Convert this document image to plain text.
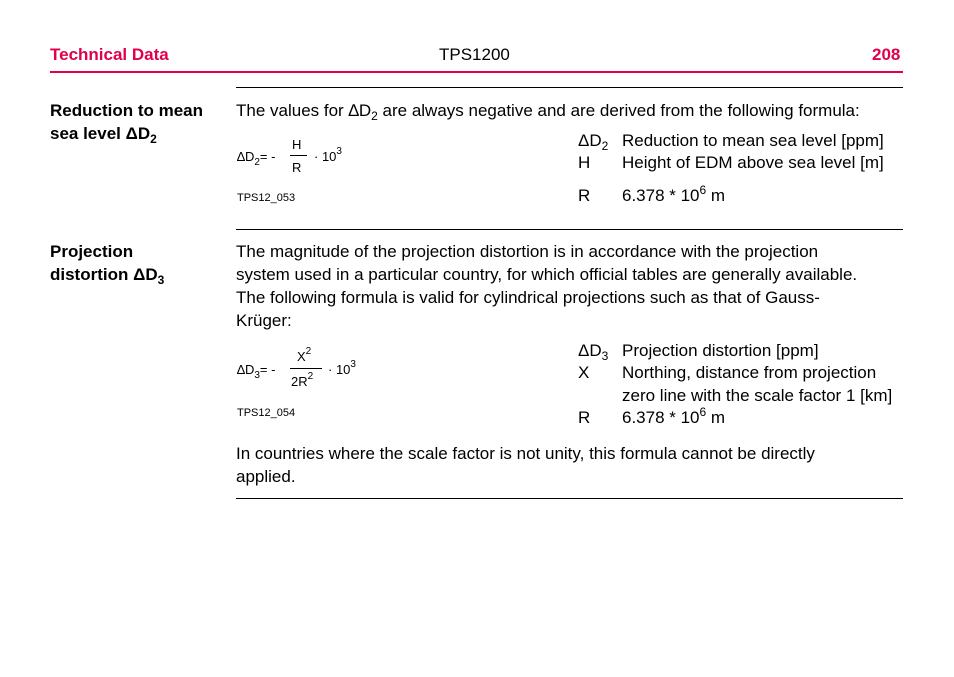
Technical Data	TPS1200	208
Reduction to mean
sea level $\Delta D_2$
The values for $\Delta D_2$ are always negative and are derived from the following formula:
$\Delta D_2=$ -
H
R
· $10^3$
TPS12_053
$\Delta D_2$ Reduction to mean sea level [ppm]
H Height of EDM above sea level [m]
R $6.378 * 10^6$ m
Projection
distortion $\Delta D_3$
The magnitude of the projection distortion is in accordance with the projection
system used in a particular country, for which official tables are generally available.
The following formula is valid for cylindrical projections such as that of Gauss-
Krüger:
$\Delta D_3=$ -
$X^2$
$2R^2 \cdot 10^3$
TPS12_054
$\Delta D_3$ Projection distortion [ppm]
X Northing, distance from projection
zero line with the scale factor 1 [km]
R $6.378 * 10^6$ m
In countries where the scale factor is not unity, this formula cannot be directly
applied.
